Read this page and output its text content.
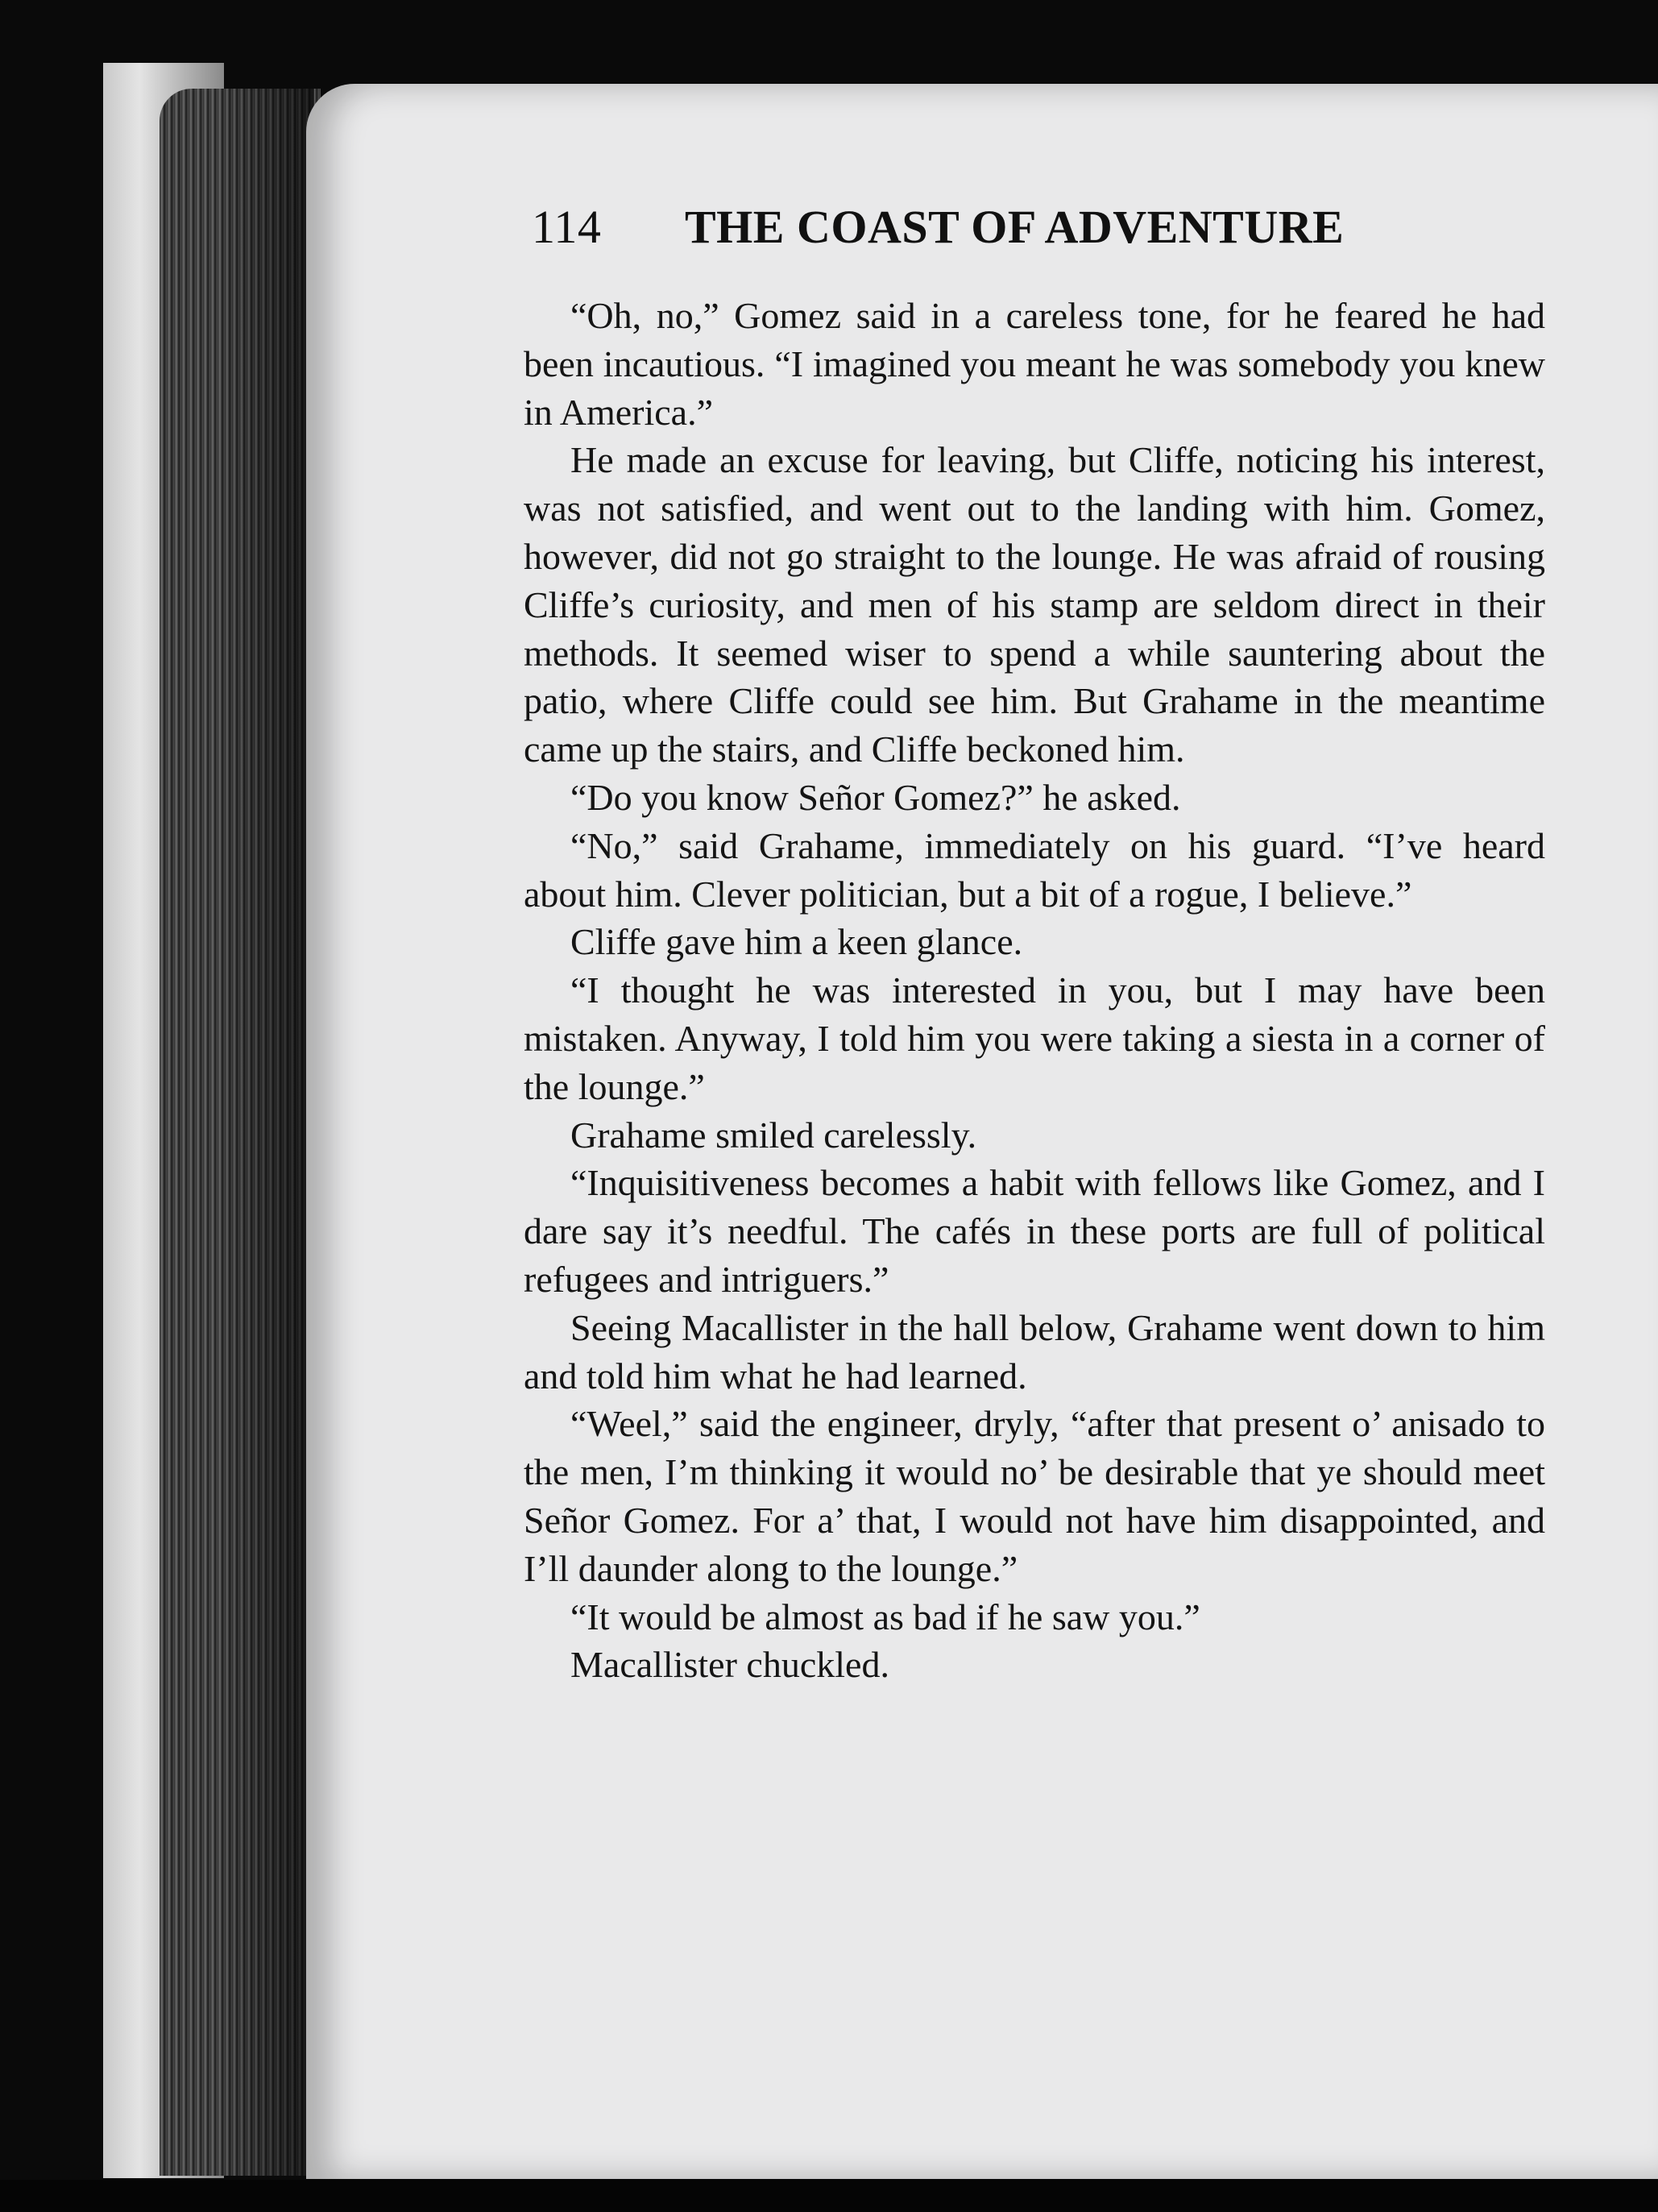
114 THE COAST OF ADVENTURE

“Oh, no,” Gomez said in a careless tone, for he feared he had been incautious. “I imagined you meant he was somebody you knew in America.”

He made an excuse for leaving, but Cliffe, noticing his interest, was not satisfied, and went out to the landing with him. Gomez, however, did not go straight to the lounge. He was afraid of rousing Cliffe’s curiosity, and men of his stamp are seldom direct in their methods. It seemed wiser to spend a while sauntering about the patio, where Cliffe could see him. But Grahame in the meantime came up the stairs, and Cliffe beckoned him.

“Do you know Señor Gomez?” he asked.

“No,” said Grahame, immediately on his guard. “I’ve heard about him. Clever politician, but a bit of a rogue, I believe.”

Cliffe gave him a keen glance.

“I thought he was interested in you, but I may have been mistaken. Anyway, I told him you were taking a siesta in a corner of the lounge.”

Grahame smiled carelessly.

“Inquisitiveness becomes a habit with fellows like Gomez, and I dare say it’s needful. The cafés in these ports are full of political refugees and intriguers.”

Seeing Macallister in the hall below, Grahame went down to him and told him what he had learned.

“Weel,” said the engineer, dryly, “after that present o’ anisado to the men, I’m thinking it would no’ be desirable that ye should meet Señor Gomez. For a’ that, I would not have him disappointed, and I’ll daunder along to the lounge.”

“It would be almost as bad if he saw you.”

Macallister chuckled.
